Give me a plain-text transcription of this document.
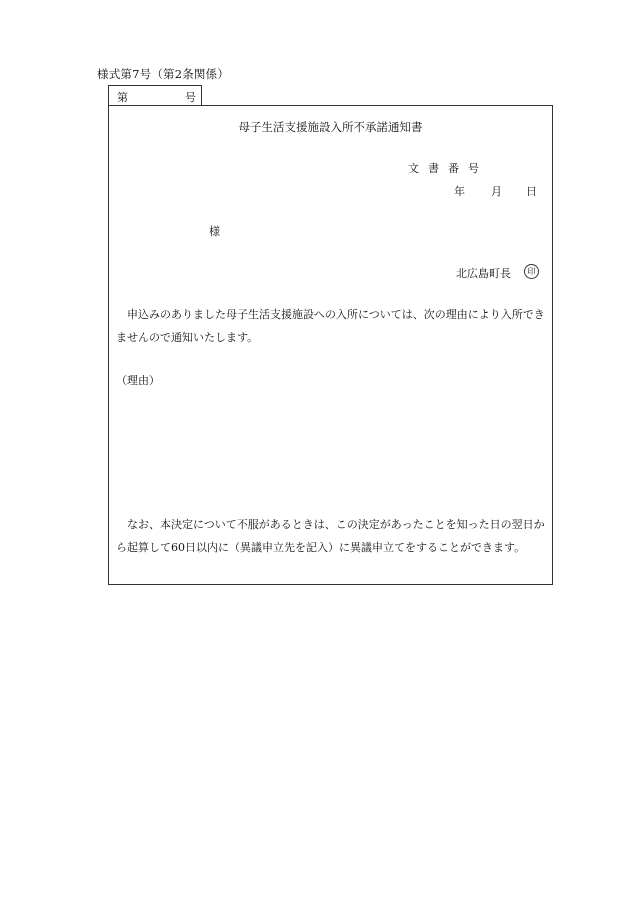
様式第7号（第2条関係）
第	号
母子生活支援施設入所不承諾通知書
文書番号
年 月 日
様
北広島町長	印
申込みのありました母子生活支援施設への入所については、次の理由により入所できませんので通知いたします。
（理由）
なお、本決定について不服があるときは、この決定があったことを知った日の翌日から起算して60日以内に（異議申立先を記入）に異議申立てをすることができます。
